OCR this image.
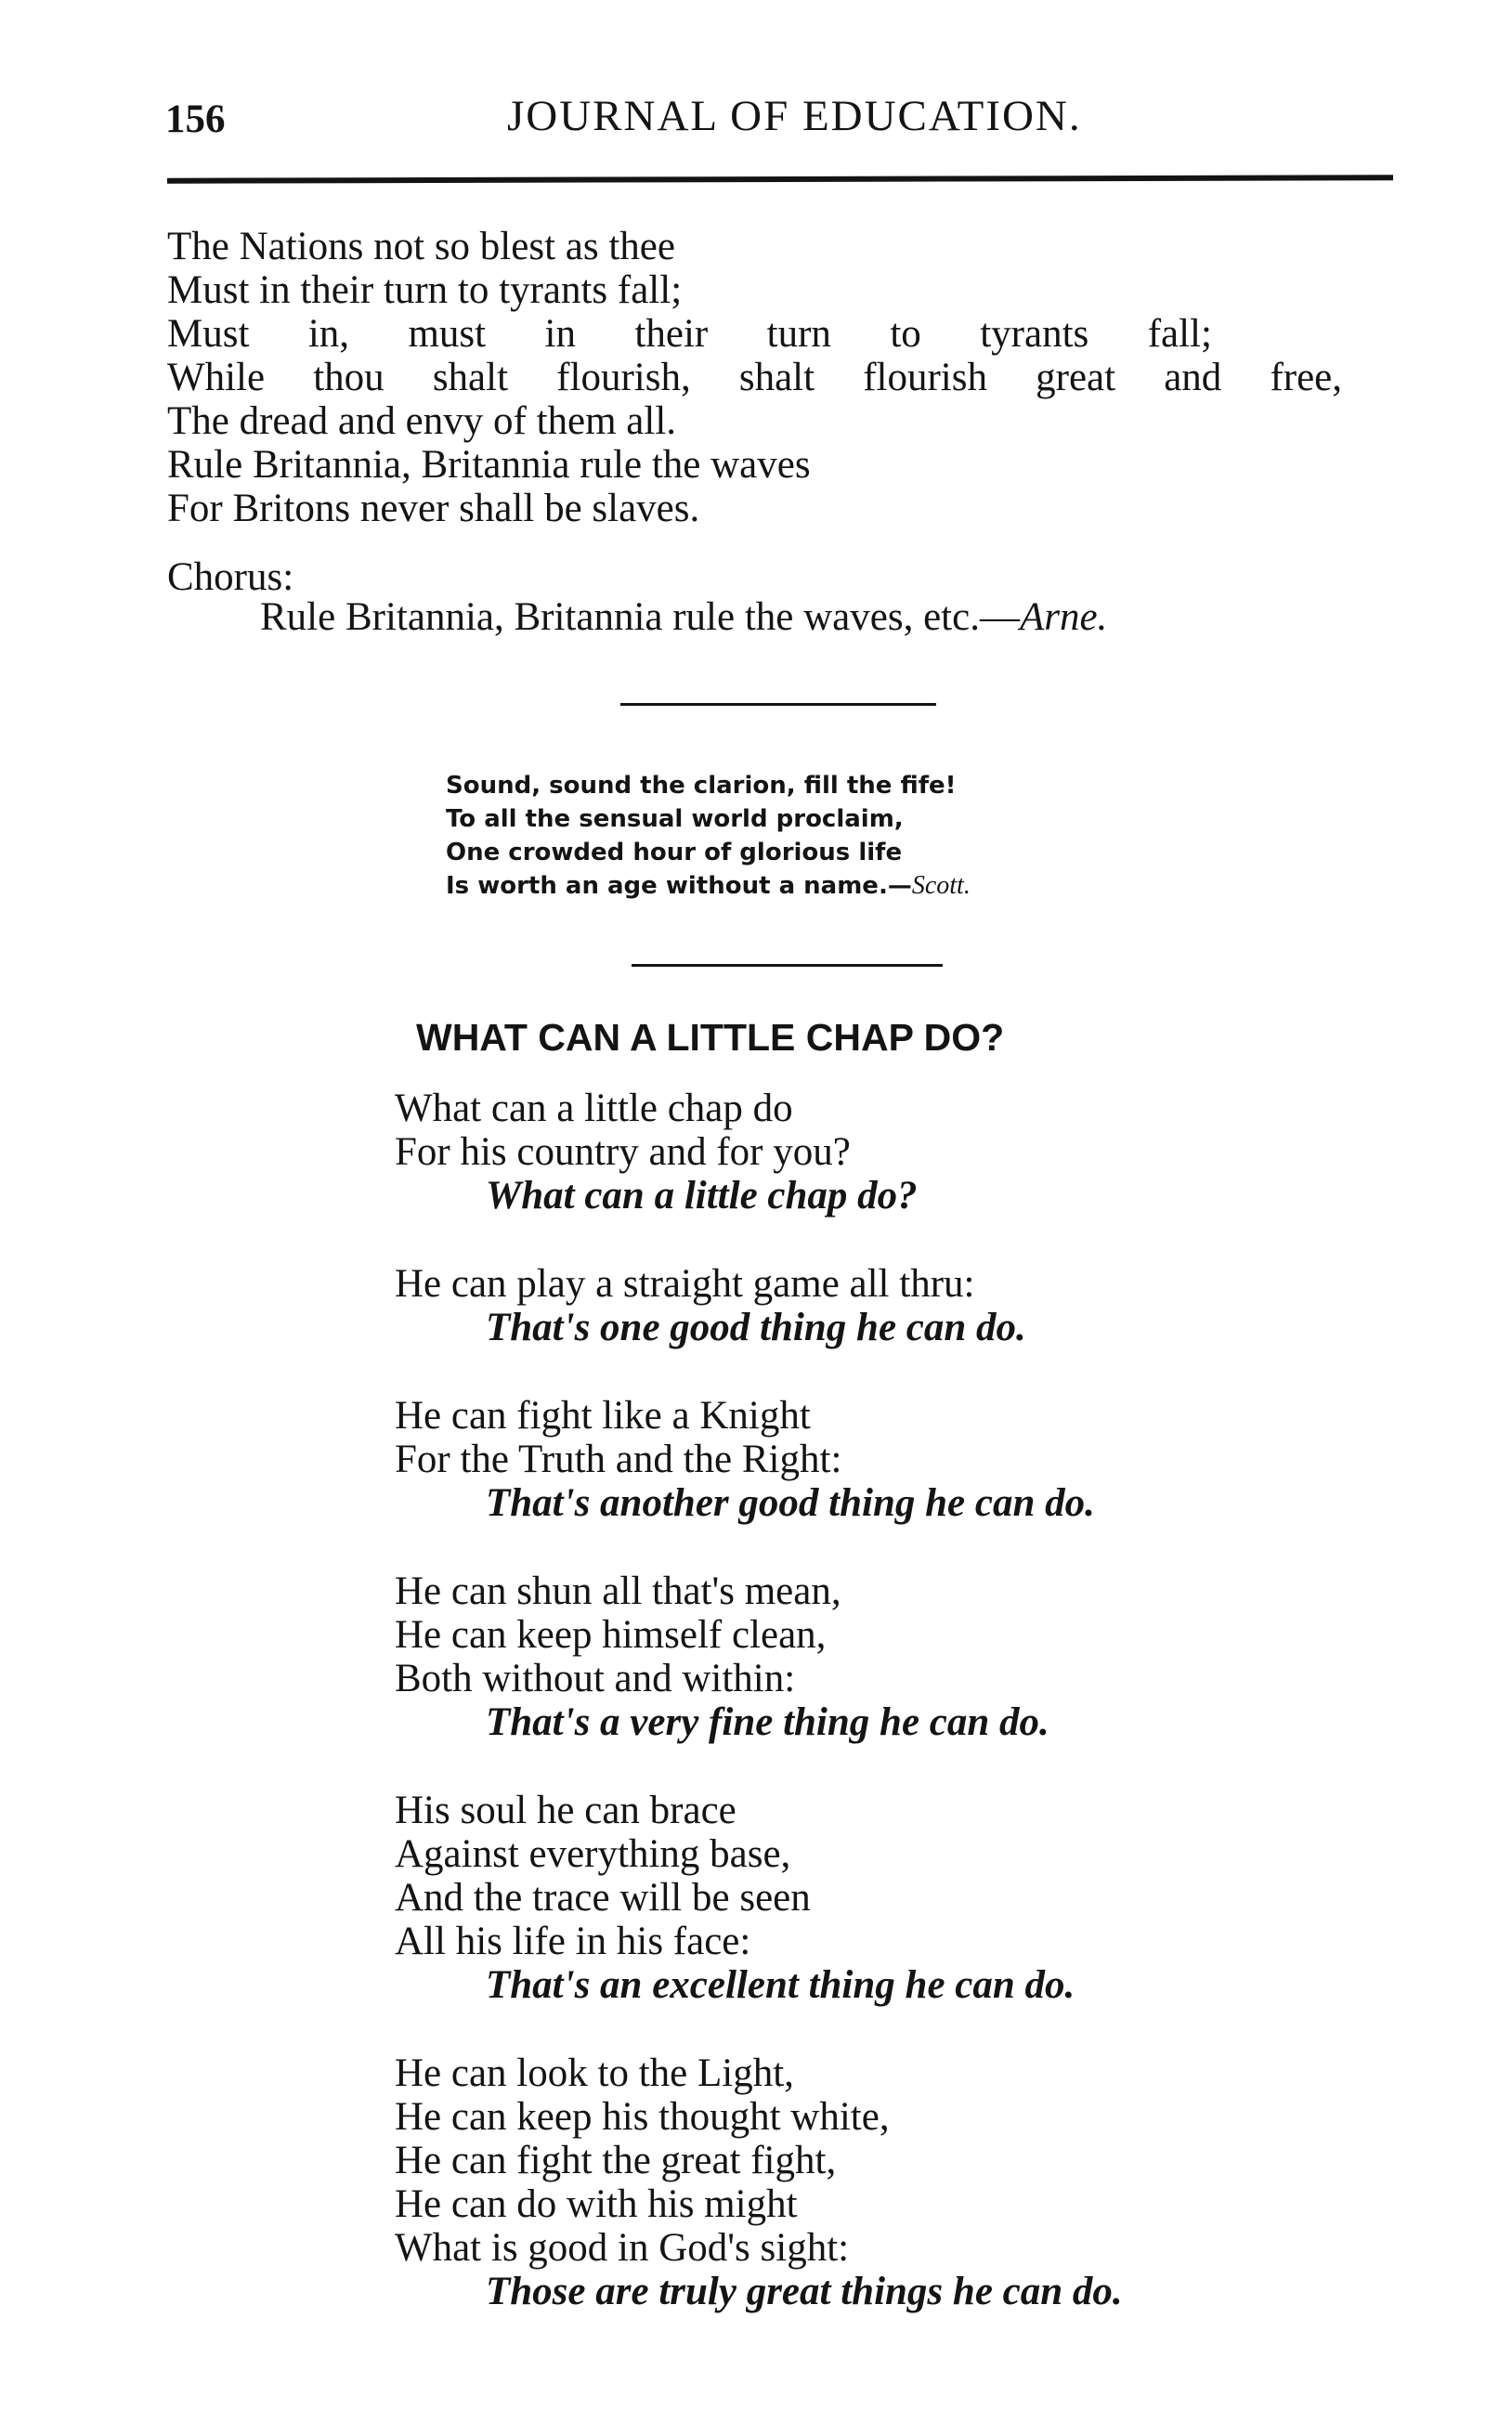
156	JOURNAL OF EDUCATION.
The Nations not so blest as thee
Must in their turn to tyrants fall;
Must in, must in their turn to tyrants fall;
While thou shalt flourish, shalt flourish great and free,
The dread and envy of them all.
Rule Britannia, Britannia rule the waves
For Britons never shall be slaves.
Chorus:
Rule Britannia, Britannia rule the waves, etc.—Arne.
Sound, sound the clarion, fill the fife!
To all the sensual world proclaim,
One crowded hour of glorious life
Is worth an age without a name.—Scott.
WHAT CAN A LITTLE CHAP DO?
What can a little chap do
For his country and for you?
What can a little chap do?
He can play a straight game all thru:
That's one good thing he can do.
He can fight like a Knight
For the Truth and the Right:
That's another good thing he can do.
He can shun all that's mean,
He can keep himself clean,
Both without and within:
That's a very fine thing he can do.
His soul he can brace
Against everything base,
And the trace will be seen
All his life in his face:
That's an excellent thing he can do.
He can look to the Light,
He can keep his thought white,
He can fight the great fight,
He can do with his might
What is good in God's sight:
Those are truly great things he can do.
